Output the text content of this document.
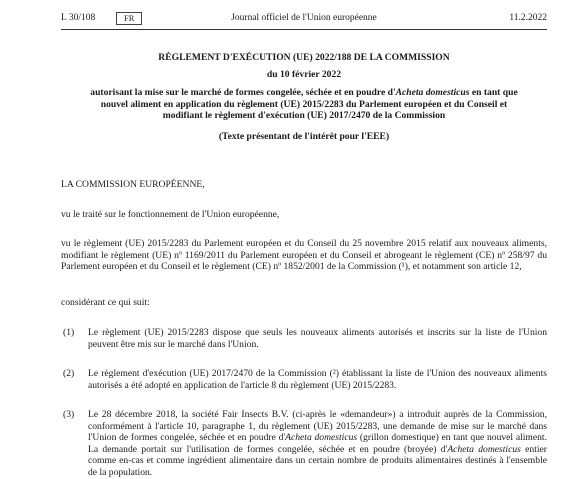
L 30/108	FR	Journal officiel de l'Union européenne	11.2.2022
RÈGLEMENT D'EXÉCUTION (UE) 2022/188 DE LA COMMISSION
du 10 février 2022
autorisant la mise sur le marché de formes congelée, séchée et en poudre d'Acheta domesticus en tant que nouvel aliment en application du règlement (UE) 2015/2283 du Parlement européen et du Conseil et modifiant le règlement d'exécution (UE) 2017/2470 de la Commission
(Texte présentant de l'intérêt pour l'EEE)
LA COMMISSION EUROPÉENNE,
vu le traité sur le fonctionnement de l'Union européenne,
vu le règlement (UE) 2015/2283 du Parlement européen et du Conseil du 25 novembre 2015 relatif aux nouveaux aliments, modifiant le règlement (UE) nº 1169/2011 du Parlement européen et du Conseil et abrogeant le règlement (CE) nº 258/97 du Parlement européen et du Conseil et le règlement (CE) nº 1852/2001 de la Commission (¹), et notamment son article 12,
considérant ce qui suit:
(1) Le règlement (UE) 2015/2283 dispose que seuls les nouveaux aliments autorisés et inscrits sur la liste de l'Union peuvent être mis sur le marché dans l'Union.
(2) Le règlement d'exécution (UE) 2017/2470 de la Commission (²) établissant la liste de l'Union des nouveaux aliments autorisés a été adopté en application de l'article 8 du règlement (UE) 2015/2283.
(3) Le 28 décembre 2018, la société Fair Insects B.V. (ci-après le «demandeur») a introduit auprès de la Commission, conformément à l'article 10, paragraphe 1, du règlement (UE) 2015/2283, une demande de mise sur le marché dans l'Union de formes congelée, séchée et en poudre d'Acheta domesticus (grillon domestique) en tant que nouvel aliment. La demande portait sur l'utilisation de formes congelée, séchée et en poudre (broyée) d'Acheta domesticus entier comme en-cas et comme ingrédient alimentaire dans un certain nombre de produits alimentaires destinés à l'ensemble de la population.
